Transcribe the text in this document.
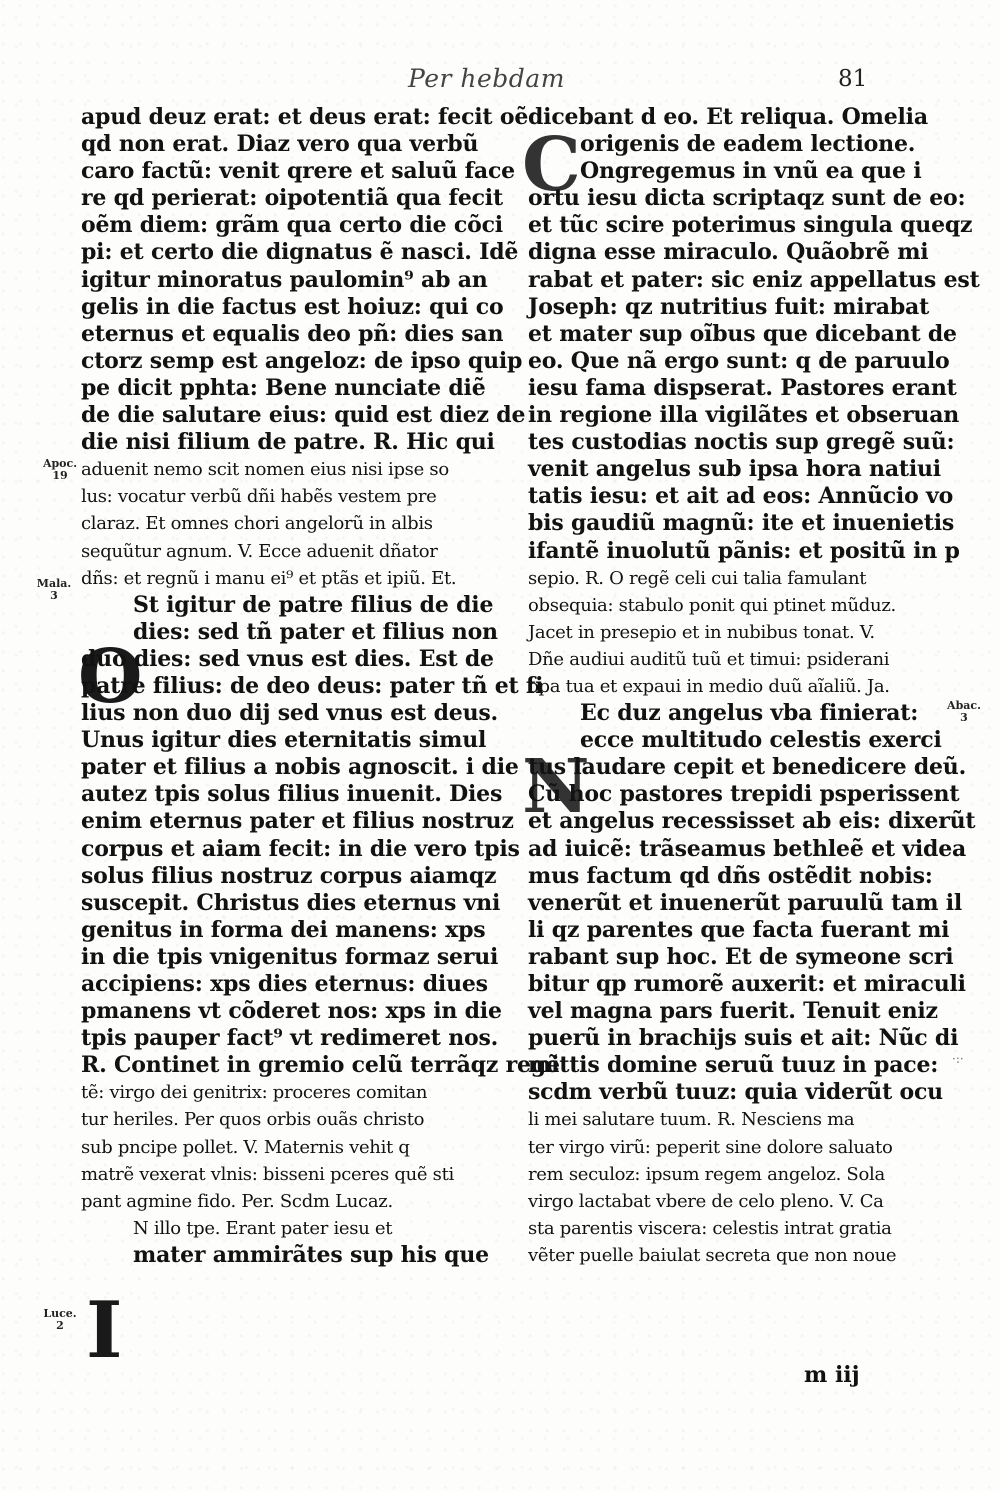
Per hebdam	81
Apoc. 19
Mala. 3
Abac. 3
Luce. 2
O
C
N
I
apud deuz erat: et deus erat: fecit oẽ
qd non erat. Diaz vero qua verbũ
caro factũ: venit qrere et saluũ face
re qd perierat: oipotentiã qua fecit
oẽm diem: grãm qua certo die cõci
pi: et certo die dignatus ẽ nasci. Idẽ
igitur minoratus paulomin⁹ ab an
gelis in die factus est hoiuz: qui co
eternus et equalis deo pñ: dies san
ctorz semp est angeloz: de ipso quip
pe dicit pphta: Bene nunciate diẽ
de die salutare eius: quid est diez de
die nisi filium de patre. R. Hic qui
aduenit nemo scit nomen eius nisi ipse so
lus: vocatur verbũ dñi habẽs vestem pre
claraz. Et omnes chori angelorũ in albis
sequũtur agnum. V. Ecce aduenit dñator
dñs: et regnũ i manu ei⁹ et ptãs et ipiũ. Et.
St igitur de patre filius de die
dies: sed tñ pater et filius non
duo dies: sed vnus est dies. Est de
patre filius: de deo deus: pater tñ et fi
lius non duo dij sed vnus est deus.
Unus igitur dies eternitatis simul
pater et filius a nobis agnoscit. i die
autez tpis solus filius inuenit. Dies
enim eternus pater et filius nostruz
corpus et aiam fecit: in die vero tpis
solus filius nostruz corpus aiamqz
suscepit. Christus dies eternus vni
genitus in forma dei manens: xps
in die tpis vnigenitus formaz serui
accipiens: xps dies eternus: diues
pmanens vt cõderet nos: xps in die
tpis pauper fact⁹ vt redimeret nos.
R. Continet in gremio celũ terrãqz regẽ
tẽ: virgo dei genitrix: proceres comitan
tur heriles. Per quos orbis ouãs christo
sub pncipe pollet. V. Maternis vehit q
matrẽ vexerat vlnis: bisseni pceres quẽ sti
pant agmine fido. Per. Scdm Lucaz.
N illo tpe. Erant pater iesu et
mater ammirãtes sup his que
dicebant d eo. Et reliqua. Omelia
origenis de eadem lectione.
Ongregemus in vnũ ea que i
ortu iesu dicta scriptaqz sunt de eo:
et tũc scire poterimus singula queqz
digna esse miraculo. Quãobrẽ mi
rabat et pater: sic eniz appellatus est
Joseph: qz nutritius fuit: mirabat
et mater sup oĩbus que dicebant de
eo. Que nã ergo sunt: q de paruulo
iesu fama dispserat. Pastores erant
in regione illa vigilãtes et obseruan
tes custodias noctis sup gregẽ suũ:
venit angelus sub ipsa hora natiui
tatis iesu: et ait ad eos: Annũcio vo
bis gaudiũ magnũ: ite et inuenietis
ifantẽ inuolutũ pãnis: et positũ in p
sepio. R. O regẽ celi cui talia famulant
obsequia: stabulo ponit qui ptinet mũduz.
Jacet in presepio et in nubibus tonat. V.
Dñe audiui auditũ tuũ et timui: psiderani
opa tua et expaui in medio duũ aĩaliũ. Ja.
Ec duz angelus vba finierat:
ecce multitudo celestis exerci
tus laudare cepit et benedicere deũ.
Cũ hoc pastores trepidi psperissent
et angelus recessisset ab eis: dixerũt
ad iuicẽ: trãseamus bethleẽ et videa
mus factum qd dñs ostẽdit nobis:
venerũt et inuenerũt paruulũ tam il
li qz parentes que facta fuerant mi
rabant sup hoc. Et de symeone scri
bitur qp rumorẽ auxerit: et miraculi
vel magna pars fuerit. Tenuit eniz
puerũ in brachijs suis et ait: Nũc di
mittis domine seruũ tuuz in pace:
scdm verbũ tuuz: quia viderũt ocu
li mei salutare tuum. R. Nesciens ma
ter virgo virũ: peperit sine dolore saluato
rem seculoz: ipsum regem angeloz. Sola
virgo lactabat vbere de celo pleno. V. Ca
sta parentis viscera: celestis intrat gratia
vẽter puelle baiulat secreta que non noue
m iij
·:·
